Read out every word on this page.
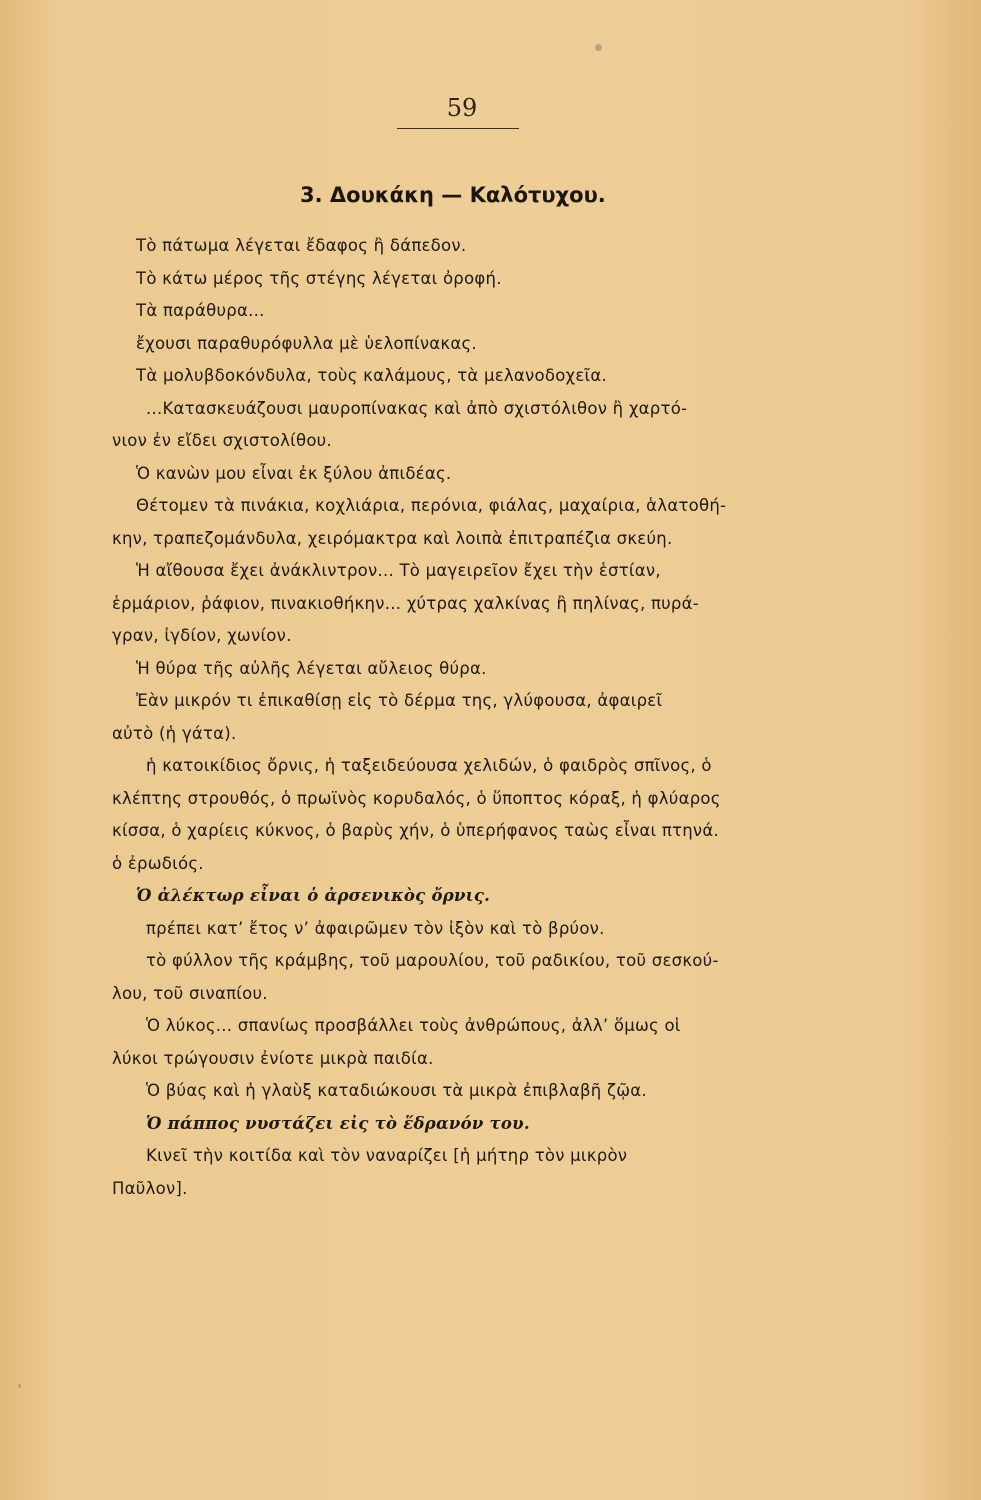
59
3. Δουκάκη — Καλότυχου.
Τὸ πάτωμα λέγεται ἔδαφος ἢ δάπεδον.
Τὸ κάτω μέρος τῆς στέγης λέγεται ὀροφή.
Τὰ παράθυρα...
ἔχουσι παραθυρόφυλλα μὲ ὑελοπίνακας.
Τὰ μολυβδοκόνδυλα, τοὺς καλάμους, τὰ μελανοδοχεῖα.
...Κατασκευάζουσι μαυροπίνακας καὶ ἀπὸ σχιστόλιθον ἢ χαρτό-
νιον ἐν εἴδει σχιστολίθου.
Ὁ κανὼν μου εἶναι ἐκ ξύλου ἀπιδέας.
Θέτομεν τὰ πινάκια, κοχλιάρια, περόνια, φιάλας, μαχαίρια, ἁλατοθή-
κην, τραπεζομάνδυλα, χειρόμακτρα καὶ λοιπὰ ἐπιτραπέζια σκεύη.
Ἡ αἴθουσα ἔχει ἀνάκλιντρον... Τὸ μαγειρεῖον ἔχει τὴν ἑστίαν,
ἑρμάριον, ῥάφιον, πινακιοθήκην... χύτρας χαλκίνας ἢ πηλίνας, πυρά-
γραν, ἰγδίον, χωνίον.
Ἡ θύρα τῆς αὐλῆς λέγεται αὔλειος θύρα.
Ἐὰν μικρόν τι ἐπικαθίσῃ εἰς τὸ δέρμα της, γλύφουσα, ἀφαιρεῖ
αὐτὸ (ἡ γάτα).
ἡ κατοικίδιος ὄρνις, ἡ ταξειδεύουσα χελιδών, ὁ φαιδρὸς σπῖνος, ὁ
κλέπτης στρουθός, ὁ πρωϊνὸς κορυδαλός, ὁ ὕποπτος κόραξ, ἡ φλύαρος
κίσσα, ὁ χαρίεις κύκνος, ὁ βαρὺς χήν, ὁ ὑπερήφανος ταὼς εἶναι πτηνά.
ὁ ἐρωδιός.
Ὁ ἀλέκτωρ εἶναι ὁ ἀρσενικὸς ὄρνις.
πρέπει κατ’ ἔτος ν’ ἀφαιρῶμεν τὸν ἰξὸν καὶ τὸ βρύον.
τὸ φύλλον τῆς κράμβης, τοῦ μαρουλίου, τοῦ ραδικίου, τοῦ σεσκού-
λου, τοῦ σιναπίου.
Ὁ λύκος... σπανίως προσβάλλει τοὺς ἀνθρώπους, ἀλλ’ ὅμως οἱ
λύκοι τρώγουσιν ἐνίοτε μικρὰ παιδία.
Ὁ βύας καὶ ἡ γλαὺξ καταδιώκουσι τὰ μικρὰ ἐπιβλαβῆ ζῷα.
Ὁ πάππος νυστάζει εἰς τὸ ἕδρανόν του.
Κινεῖ τὴν κοιτίδα καὶ τὸν ναναρίζει [ἡ μήτηρ τὸν μικρὸν
Παῦλον].
